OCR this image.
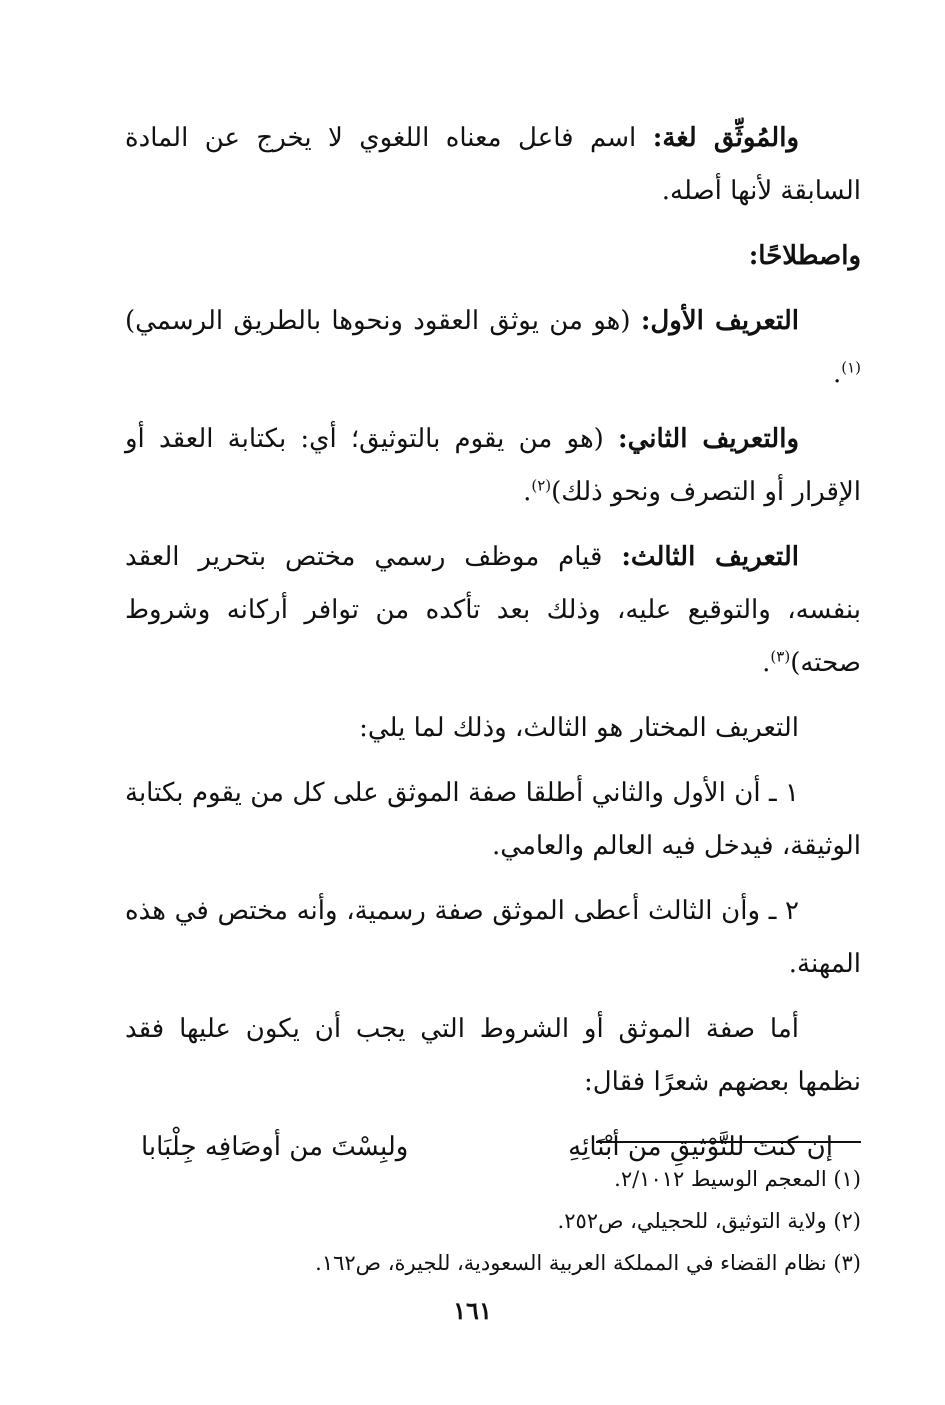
والمُوثِّق لغة: اسم فاعل معناه اللغوي لا يخرج عن المادة السابقة لأنها أصله.

واصطلاحًا:

التعريف الأول: (هو من يوثق العقود ونحوها بالطريق الرسمي)$^{(١)}$.

والتعريف الثاني: (هو من يقوم بالتوثيق؛ أي: بكتابة العقد أو الإقرار أو التصرف ونحو ذلك)$^{(٢)}$.

التعريف الثالث: قيام موظف رسمي مختص بتحرير العقد بنفسه، والتوقيع عليه، وذلك بعد تأكده من توافر أركانه وشروط صحته)$^{(٣)}$.

التعريف المختار هو الثالث، وذلك لما يلي:

١ ـ أن الأول والثاني أطلقا صفة الموثق على كل من يقوم بكتابة الوثيقة، فيدخل فيه العالم والعامي.

٢ ـ وأن الثالث أعطى الموثق صفة رسمية، وأنه مختص في هذه المهنة.

أما صفة الموثق أو الشروط التي يجب أن يكون عليها فقد نظمها بعضهم شعرًا فقال:

إن كنتَ للتَّوْثيقِ من أبْنَائِهِ
ولبِسْتَ من أوصَافِه جِلْبَابا

(١) المعجم الوسيط ٢/١٠١٢.

(٢) ولاية التوثيق، للحجيلي، ص٢٥٢.

(٣) نظام القضاء في المملكة العربية السعودية، للجيرة، ص١٦٢.

١٦١
